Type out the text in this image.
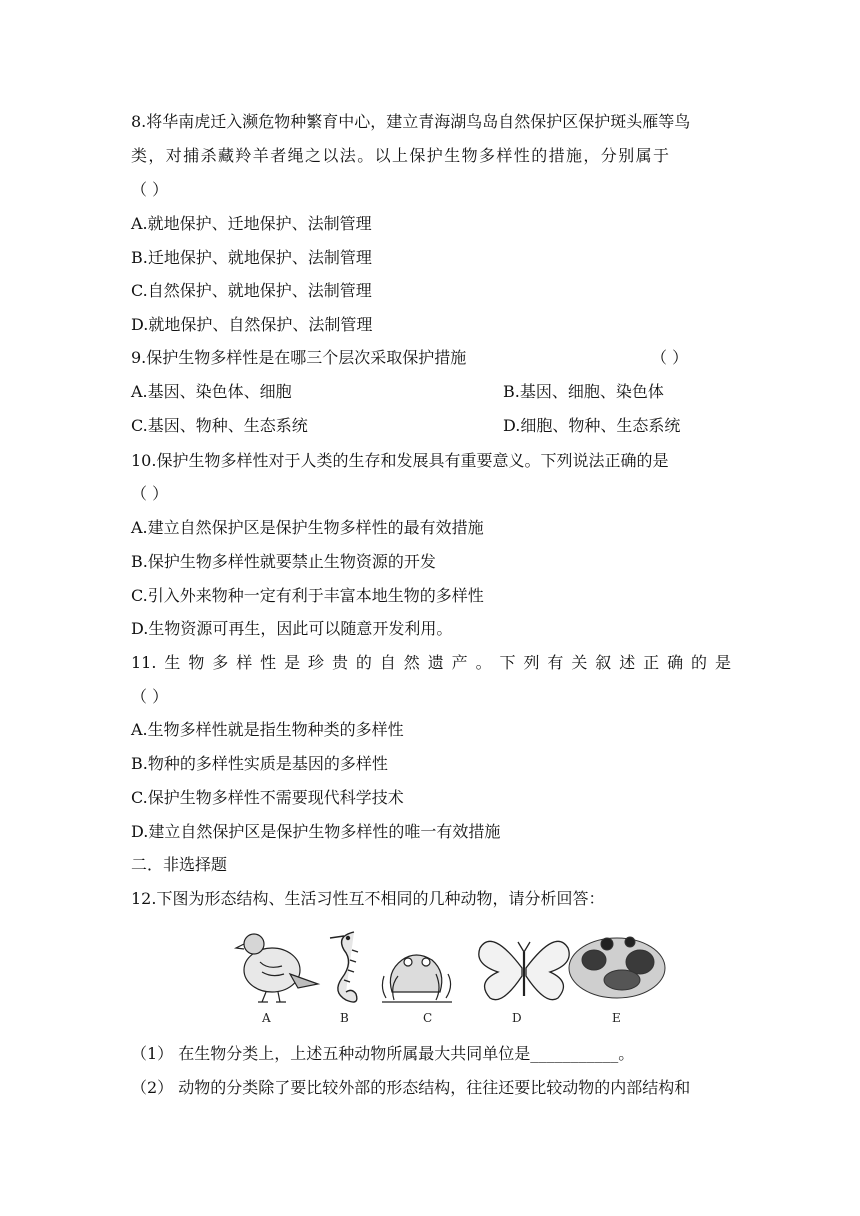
8.将华南虎迁入濒危物种繁育中心，建立青海湖鸟岛自然保护区保护斑头雁等鸟
类，对捕杀藏羚羊者绳之以法。以上保护生物多样性的措施，分别属于
（ ）
A.就地保护、迁地保护、法制管理
B.迁地保护、就地保护、法制管理
C.自然保护、就地保护、法制管理
D.就地保护、自然保护、法制管理
9.保护生物多样性是在哪三个层次采取保护措施	（ ）
A.基因、染色体、细胞	B.基因、细胞、染色体
C.基因、物种、生态系统	D.细胞、物种、生态系统
10.保护生物多样性对于人类的生存和发展具有重要意义。下列说法正确的是
（ ）
A.建立自然保护区是保护生物多样性的最有效措施
B.保护生物多样性就要禁止生物资源的开发
C.引入外来物种一定有利于丰富本地生物的多样性
D.生物资源可再生，因此可以随意开发利用。
11.生物多样性是珍贵的自然遗产。下列有关叙述正确的是
（ ）
A.生物多样性就是指生物种类的多样性
B.物种的多样性实质是基因的多样性
C.保护生物多样性不需要现代科学技术
D.建立自然保护区是保护生物多样性的唯一有效措施
二．非选择题
12.下图为形态结构、生活习性互不相同的几种动物，请分析回答：
A	B	C	D	E
（1） 在生物分类上，上述五种动物所属最大共同单位是___________。
（2） 动物的分类除了要比较外部的形态结构，往往还要比较动物的内部结构和
